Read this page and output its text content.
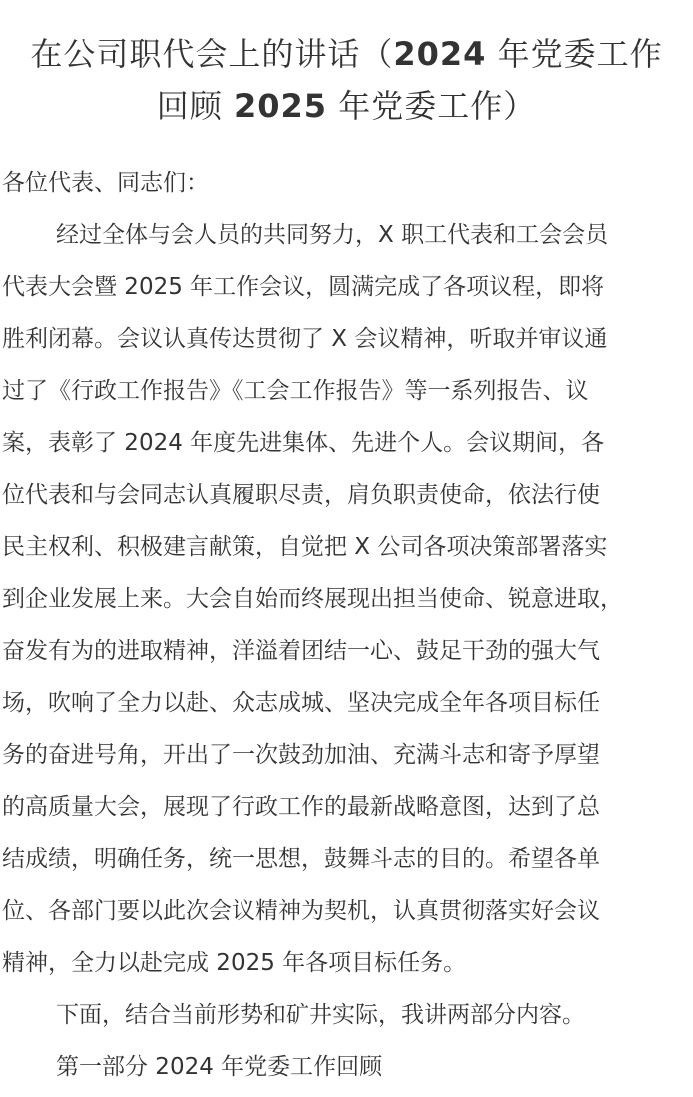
在公司职代会上的讲话（2024 年党委工作
回顾 2025 年党委工作）
各位代表、同志们：
经过全体与会人员的共同努力，X 职工代表和工会会员
代表大会暨 2025 年工作会议，圆满完成了各项议程，即将
胜利闭幕。会议认真传达贯彻了 X 会议精神，听取并审议通
过了《行政工作报告》《工会工作报告》等一系列报告、议
案，表彰了 2024 年度先进集体、先进个人。会议期间，各
位代表和与会同志认真履职尽责，肩负职责使命，依法行使
民主权利、积极建言献策，自觉把 X 公司各项决策部署落实
到企业发展上来。大会自始而终展现出担当使命、锐意进取，
奋发有为的进取精神，洋溢着团结一心、鼓足干劲的强大气
场，吹响了全力以赴、众志成城、坚决完成全年各项目标任
务的奋进号角，开出了一次鼓劲加油、充满斗志和寄予厚望
的高质量大会，展现了行政工作的最新战略意图，达到了总
结成绩，明确任务，统一思想，鼓舞斗志的目的。希望各单
位、各部门要以此次会议精神为契机，认真贯彻落实好会议
精神，全力以赴完成 2025 年各项目标任务。
下面，结合当前形势和矿井实际，我讲两部分内容。
第一部分 2024 年党委工作回顾
